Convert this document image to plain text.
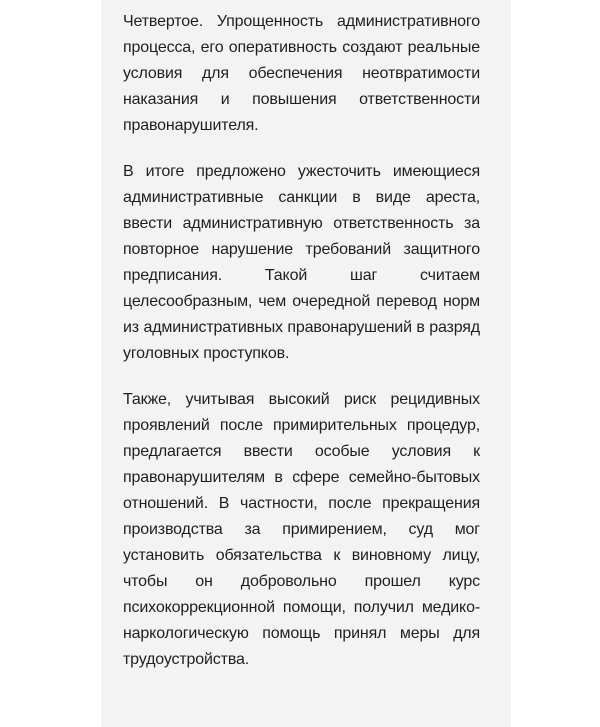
Четвертое. Упрощенность административного процесса, его оперативность создают реальные условия для обеспечения неотвратимости наказания и повышения ответственности правонарушителя.

В итоге предложено ужесточить имеющиеся административные санкции в виде ареста, ввести административную ответственность за повторное нарушение требований защитного предписания. Такой шаг считаем целесообразным, чем очередной перевод норм из административных правонарушений в разряд уголовных проступков.

Также, учитывая высокий риск рецидивных проявлений после примирительных процедур, предлагается ввести особые условия к правонарушителям в сфере семейно-бытовых отношений. В частности, после прекращения производства за примирением, суд мог установить обязательства к виновному лицу, чтобы он добровольно прошел курс психокоррекционной помощи, получил медико-наркологическую помощь принял меры для трудоустройства.
